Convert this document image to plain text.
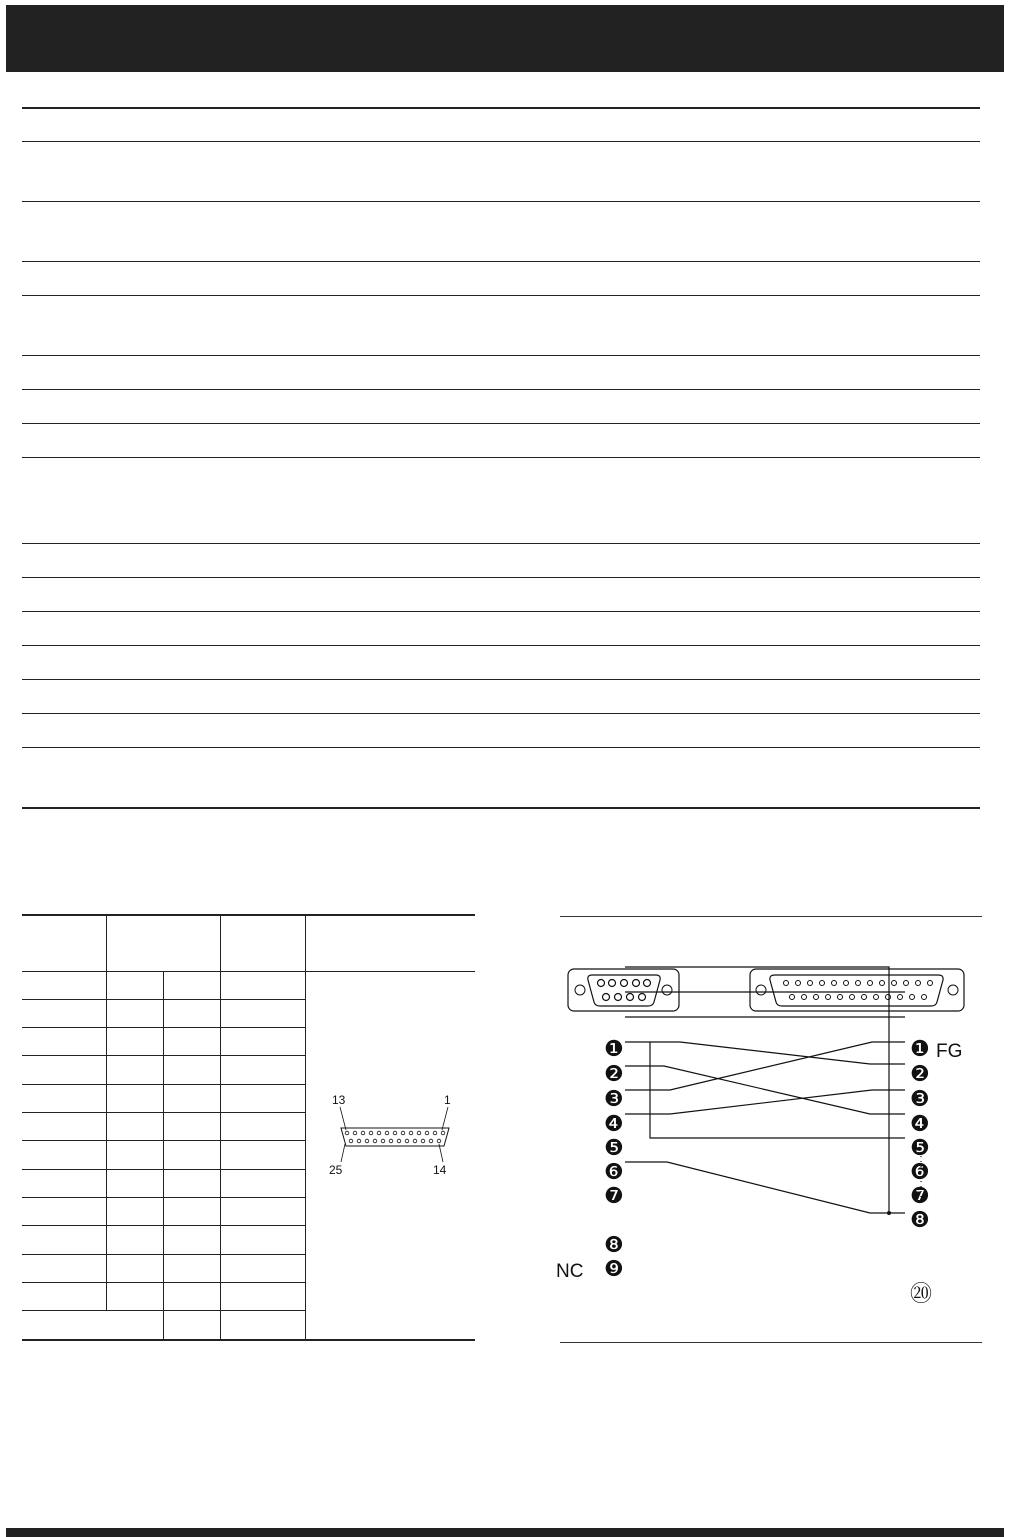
13	1
25	14
❶
❷
❸
❹
❺
❻
❼
❽
NC ❾
❶ FG
❷
❸
❹
❺
❻
❼
❽
⑳
